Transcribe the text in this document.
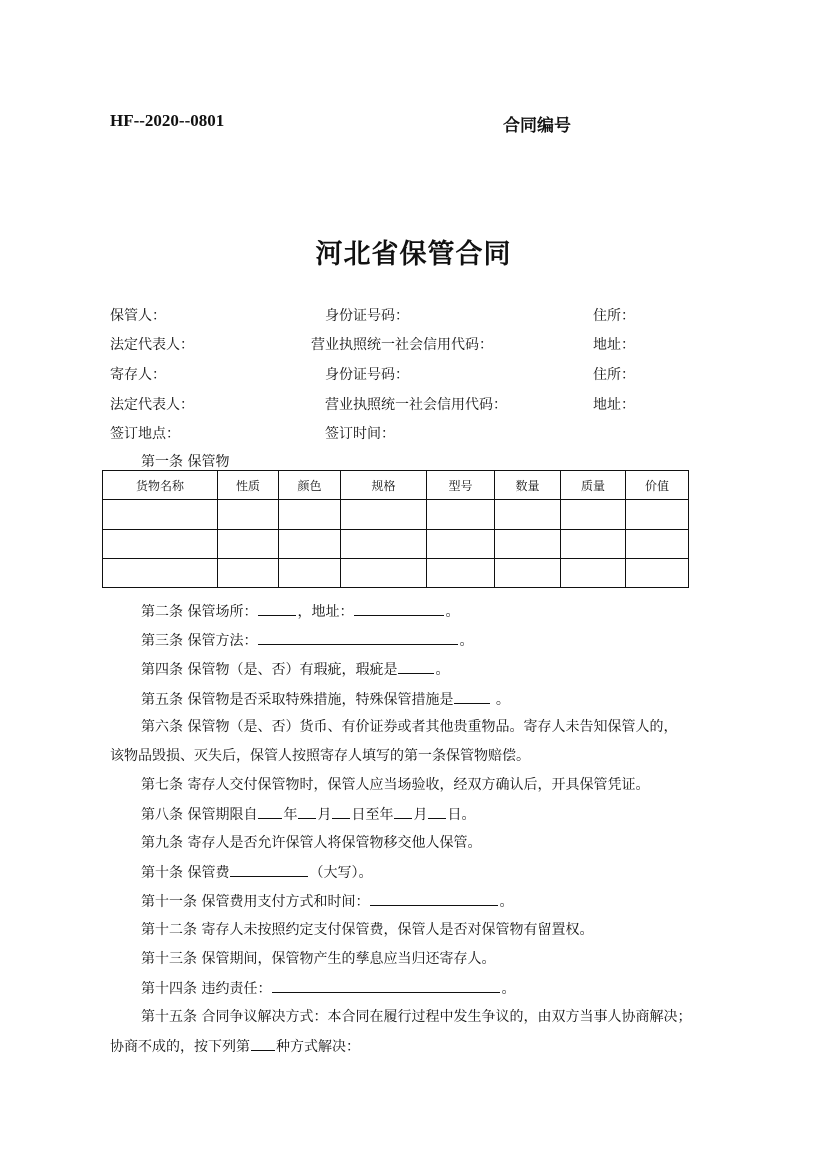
HF--2020--0801	合同编号
河北省保管合同
保管人：	身份证号码：	住所：
法定代表人：	营业执照统一社会信用代码：	地址：
寄存人：	身份证号码：	住所：
法定代表人：	营业执照统一社会信用代码：	地址：
签订地点：	签订时间：
第一条 保管物
货物名称	性质	颜色	规格	型号	数量	质量	价值

第二条 保管场所：	，地址：	。
第三条 保管方法：	。
第四条 保管物（是、否）有瑕疵，瑕疵是	。
第五条 保管物是否采取特殊措施，特殊保管措施是	。
第六条 保管物（是、否）货币、有价证券或者其他贵重物品。寄存人未告知保管人的，
该物品毁损、灭失后，保管人按照寄存人填写的第一条保管物赔偿。
第七条 寄存人交付保管物时，保管人应当场验收，经双方确认后，开具保管凭证。
第八条 保管期限自 年 月 日至年 月 日。
第九条 寄存人是否允许保管人将保管物移交他人保管。
第十条 保管费	（大写）。
第十一条 保管费用支付方式和时间：	。
第十二条 寄存人未按照约定支付保管费，保管人是否对保管物有留置权。
第十三条 保管期间，保管物产生的孳息应当归还寄存人。
第十四条 违约责任：	。
第十五条 合同争议解决方式：本合同在履行过程中发生争议的，由双方当事人协商解决；
协商不成的，按下列第 种方式解决：
